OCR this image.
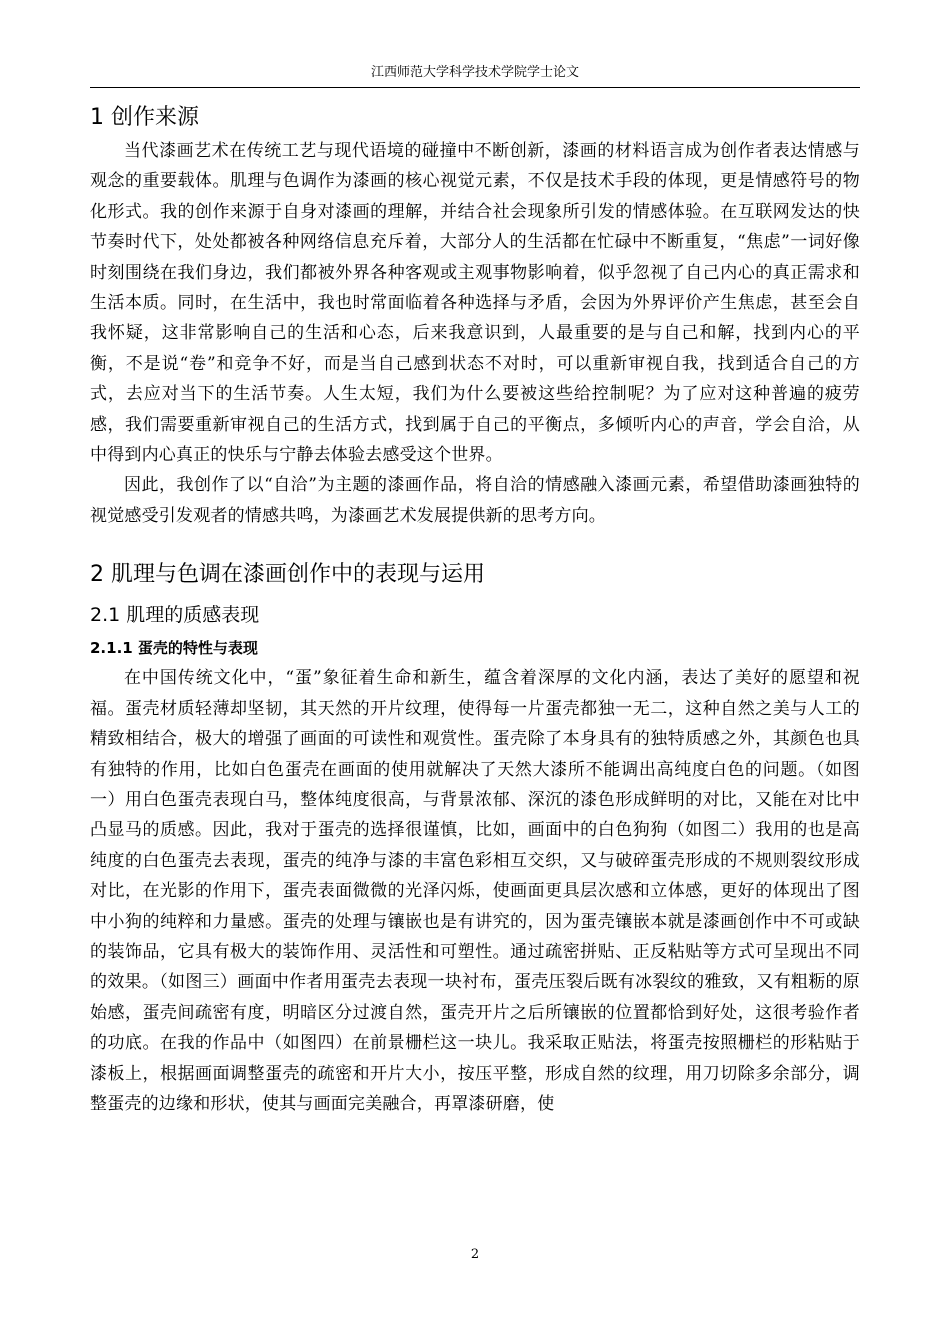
江西师范大学科学技术学院学士论文
1 创作来源

当代漆画艺术在传统工艺与现代语境的碰撞中不断创新，漆画的材料语言成为创作者表达情感与观念的重要载体。肌理与色调作为漆画的核心视觉元素，不仅是技术手段的体现，更是情感符号的物化形式。我的创作来源于自身对漆画的理解，并结合社会现象所引发的情感体验。在互联网发达的快节奏时代下，处处都被各种网络信息充斥着，大部分人的生活都在忙碌中不断重复，“焦虑”一词好像时刻围绕在我们身边，我们都被外界各种客观或主观事物影响着，似乎忽视了自己内心的真正需求和生活本质。同时，在生活中，我也时常面临着各种选择与矛盾，会因为外界评价产生焦虑，甚至会自我怀疑，这非常影响自己的生活和心态，后来我意识到，人最重要的是与自己和解，找到内心的平衡，不是说“卷”和竞争不好，而是当自己感到状态不对时，可以重新审视自我，找到适合自己的方式，去应对当下的生活节奏。人生太短，我们为什么要被这些给控制呢？为了应对这种普遍的疲劳感，我们需要重新审视自己的生活方式，找到属于自己的平衡点，多倾听内心的声音，学会自洽，从中得到内心真正的快乐与宁静去体验去感受这个世界。

因此，我创作了以“自洽”为主题的漆画作品，将自洽的情感融入漆画元素，希望借助漆画独特的视觉感受引发观者的情感共鸣，为漆画艺术发展提供新的思考方向。

2 肌理与色调在漆画创作中的表现与运用
2.1 肌理的质感表现
2.1.1 蛋壳的特性与表现

在中国传统文化中，“蛋”象征着生命和新生，蕴含着深厚的文化内涵，表达了美好的愿望和祝福。蛋壳材质轻薄却坚韧，其天然的开片纹理，使得每一片蛋壳都独一无二，这种自然之美与人工的精致相结合，极大的增强了画面的可读性和观赏性。蛋壳除了本身具有的独特质感之外，其颜色也具有独特的作用，比如白色蛋壳在画面的使用就解决了天然大漆所不能调出高纯度白色的问题。（如图一）用白色蛋壳表现白马，整体纯度很高，与背景浓郁、深沉的漆色形成鲜明的对比，又能在对比中凸显马的质感。因此，我对于蛋壳的选择很谨慎，比如，画面中的白色狗狗（如图二）我用的也是高纯度的白色蛋壳去表现，蛋壳的纯净与漆的丰富色彩相互交织，又与破碎蛋壳形成的不规则裂纹形成对比，在光影的作用下，蛋壳表面微微的光泽闪烁，使画面更具层次感和立体感，更好的体现出了图中小狗的纯粹和力量感。蛋壳的处理与镶嵌也是有讲究的，因为蛋壳镶嵌本就是漆画创作中不可或缺的装饰品，它具有极大的装饰作用、灵活性和可塑性。通过疏密拼贴、正反粘贴等方式可呈现出不同的效果。（如图三）画面中作者用蛋壳去表现一块衬布，蛋壳压裂后既有冰裂纹的雅致，又有粗粝的原始感，蛋壳间疏密有度，明暗区分过渡自然，蛋壳开片之后所镶嵌的位置都恰到好处，这很考验作者的功底。在我的作品中（如图四）在前景栅栏这一块儿。我采取正贴法，将蛋壳按照栅栏的形粘贴于漆板上，根据画面调整蛋壳的疏密和开片大小，按压平整，形成自然的纹理，用刀切除多余部分，调整蛋壳的边缘和形状，使其与画面完美融合，再罩漆研磨，使

2
